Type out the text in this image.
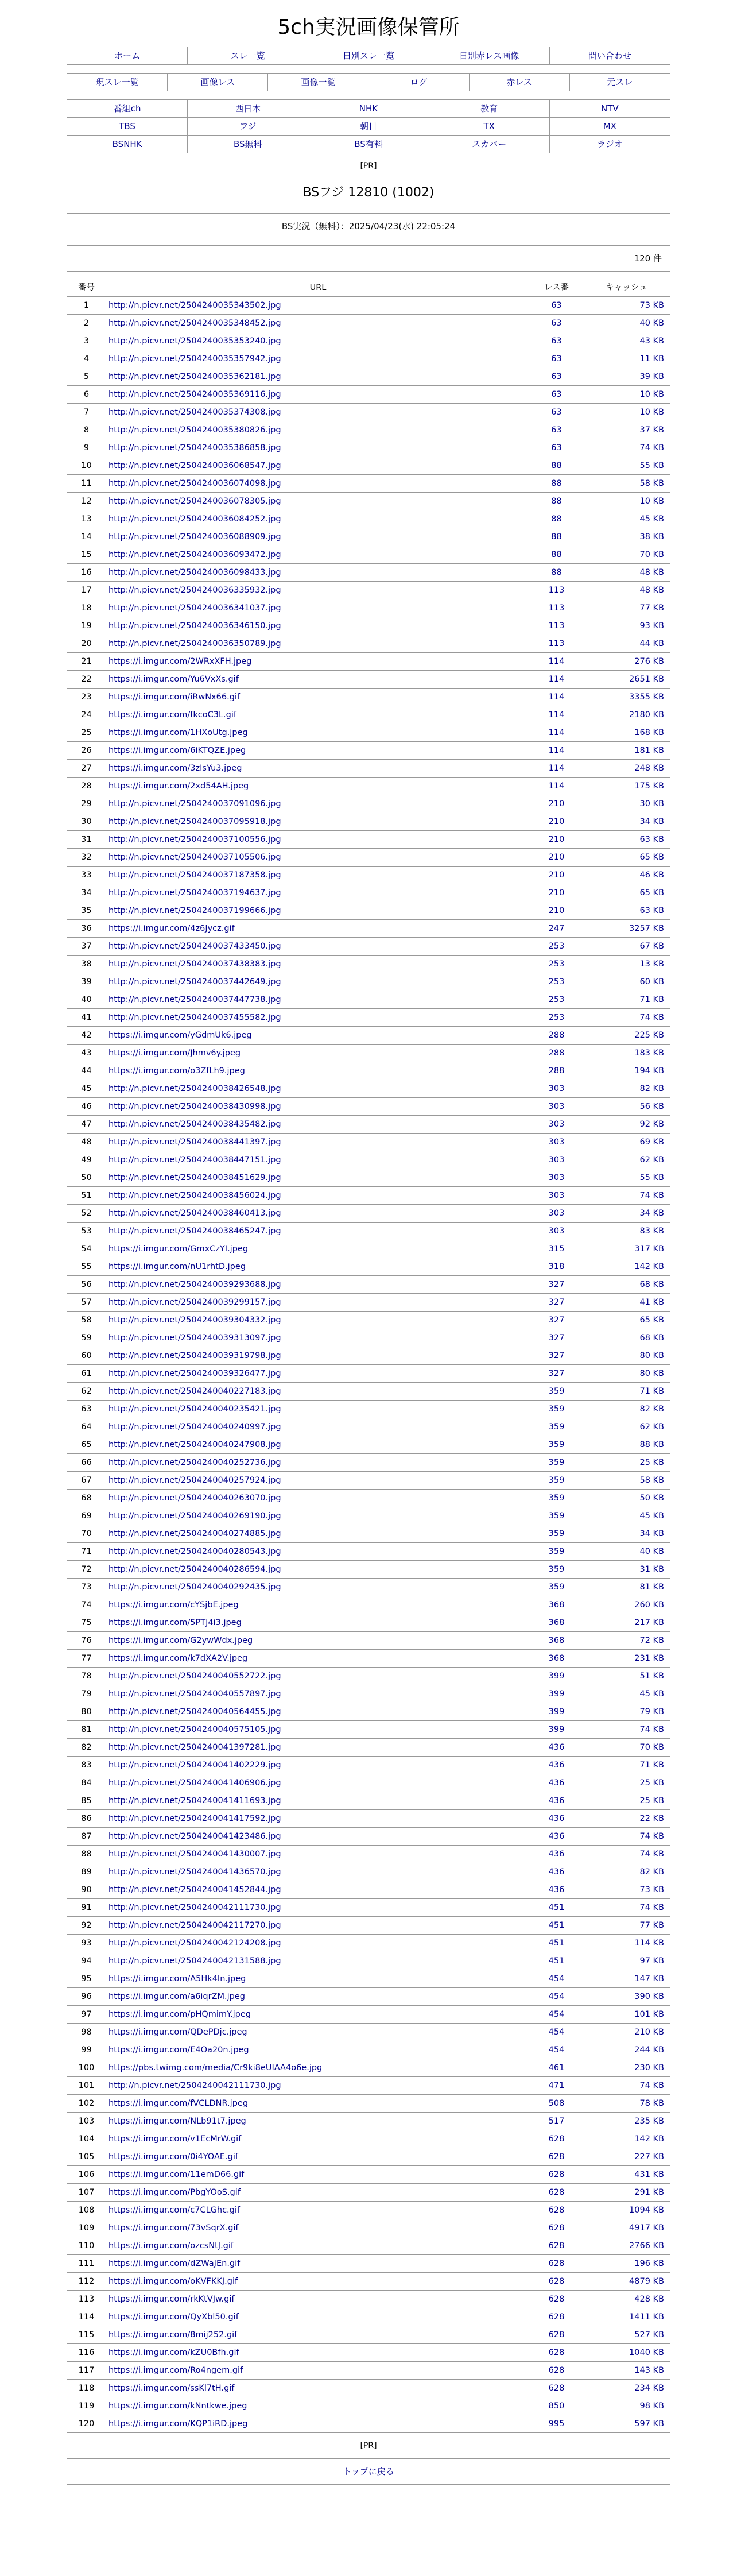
5ch実況画像保管所
ホーム	スレ一覧	日別スレ一覧	日別赤レス画像	問い合わせ
現スレ一覧	画像レス	画像一覧	ログ	赤レス	元スレ
番組ch	西日本	NHK	教育	NTV

TBS	フジ	朝日	TX	MX

BSNHK	BS無料	BS有料	スカパー	ラジオ
[PR]
BSフジ 12810 (1002)
BS実況（無料）：2025/04/23(水) 22:05:24
120 件
番号	URL	レス番	キャッシュ
1	http://n.picvr.net/2504240035343502.jpg	63	73 KB
2	http://n.picvr.net/2504240035348452.jpg	63	40 KB
3	http://n.picvr.net/2504240035353240.jpg	63	43 KB
4	http://n.picvr.net/2504240035357942.jpg	63	11 KB
5	http://n.picvr.net/2504240035362181.jpg	63	39 KB
6	http://n.picvr.net/2504240035369116.jpg	63	10 KB
7	http://n.picvr.net/2504240035374308.jpg	63	10 KB
8	http://n.picvr.net/2504240035380826.jpg	63	37 KB
9	http://n.picvr.net/2504240035386858.jpg	63	74 KB
10	http://n.picvr.net/2504240036068547.jpg	88	55 KB
11	http://n.picvr.net/2504240036074098.jpg	88	58 KB
12	http://n.picvr.net/2504240036078305.jpg	88	10 KB
13	http://n.picvr.net/2504240036084252.jpg	88	45 KB
14	http://n.picvr.net/2504240036088909.jpg	88	38 KB
15	http://n.picvr.net/2504240036093472.jpg	88	70 KB
16	http://n.picvr.net/2504240036098433.jpg	88	48 KB
17	http://n.picvr.net/2504240036335932.jpg	113	48 KB
18	http://n.picvr.net/2504240036341037.jpg	113	77 KB
19	http://n.picvr.net/2504240036346150.jpg	113	93 KB
20	http://n.picvr.net/2504240036350789.jpg	113	44 KB
21	https://i.imgur.com/2WRxXFH.jpeg	114	276 KB
22	https://i.imgur.com/Yu6VxXs.gif	114	2651 KB
23	https://i.imgur.com/iRwNx66.gif	114	3355 KB
24	https://i.imgur.com/fkcoC3L.gif	114	2180 KB
25	https://i.imgur.com/1HXoUtg.jpeg	114	168 KB
26	https://i.imgur.com/6iKTQZE.jpeg	114	181 KB
27	https://i.imgur.com/3zIsYu3.jpeg	114	248 KB
28	https://i.imgur.com/2xd54AH.jpeg	114	175 KB
29	http://n.picvr.net/2504240037091096.jpg	210	30 KB
30	http://n.picvr.net/2504240037095918.jpg	210	34 KB
31	http://n.picvr.net/2504240037100556.jpg	210	63 KB
32	http://n.picvr.net/2504240037105506.jpg	210	65 KB
33	http://n.picvr.net/2504240037187358.jpg	210	46 KB
34	http://n.picvr.net/2504240037194637.jpg	210	65 KB
35	http://n.picvr.net/2504240037199666.jpg	210	63 KB
36	https://i.imgur.com/4z6Jycz.gif	247	3257 KB
37	http://n.picvr.net/2504240037433450.jpg	253	67 KB
38	http://n.picvr.net/2504240037438383.jpg	253	13 KB
39	http://n.picvr.net/2504240037442649.jpg	253	60 KB
40	http://n.picvr.net/2504240037447738.jpg	253	71 KB
41	http://n.picvr.net/2504240037455582.jpg	253	74 KB
42	https://i.imgur.com/yGdmUk6.jpeg	288	225 KB
43	https://i.imgur.com/Jhmv6y.jpeg	288	183 KB
44	https://i.imgur.com/o3ZfLh9.jpeg	288	194 KB
45	http://n.picvr.net/2504240038426548.jpg	303	82 KB
46	http://n.picvr.net/2504240038430998.jpg	303	56 KB
47	http://n.picvr.net/2504240038435482.jpg	303	92 KB
48	http://n.picvr.net/2504240038441397.jpg	303	69 KB
49	http://n.picvr.net/2504240038447151.jpg	303	62 KB
50	http://n.picvr.net/2504240038451629.jpg	303	55 KB
51	http://n.picvr.net/2504240038456024.jpg	303	74 KB
52	http://n.picvr.net/2504240038460413.jpg	303	34 KB
53	http://n.picvr.net/2504240038465247.jpg	303	83 KB
54	https://i.imgur.com/GmxCzYI.jpeg	315	317 KB
55	https://i.imgur.com/nU1rhtD.jpeg	318	142 KB
56	http://n.picvr.net/2504240039293688.jpg	327	68 KB
57	http://n.picvr.net/2504240039299157.jpg	327	41 KB
58	http://n.picvr.net/2504240039304332.jpg	327	65 KB
59	http://n.picvr.net/2504240039313097.jpg	327	68 KB
60	http://n.picvr.net/2504240039319798.jpg	327	80 KB
61	http://n.picvr.net/2504240039326477.jpg	327	80 KB
62	http://n.picvr.net/2504240040227183.jpg	359	71 KB
63	http://n.picvr.net/2504240040235421.jpg	359	82 KB
64	http://n.picvr.net/2504240040240997.jpg	359	62 KB
65	http://n.picvr.net/2504240040247908.jpg	359	88 KB
66	http://n.picvr.net/2504240040252736.jpg	359	25 KB
67	http://n.picvr.net/2504240040257924.jpg	359	58 KB
68	http://n.picvr.net/2504240040263070.jpg	359	50 KB
69	http://n.picvr.net/2504240040269190.jpg	359	45 KB
70	http://n.picvr.net/2504240040274885.jpg	359	34 KB
71	http://n.picvr.net/2504240040280543.jpg	359	40 KB
72	http://n.picvr.net/2504240040286594.jpg	359	31 KB
73	http://n.picvr.net/2504240040292435.jpg	359	81 KB
74	https://i.imgur.com/cYSjbE.jpeg	368	260 KB
75	https://i.imgur.com/5PTJ4i3.jpeg	368	217 KB
76	https://i.imgur.com/G2ywWdx.jpeg	368	72 KB
77	https://i.imgur.com/k7dXA2V.jpeg	368	231 KB
78	http://n.picvr.net/2504240040552722.jpg	399	51 KB
79	http://n.picvr.net/2504240040557897.jpg	399	45 KB
80	http://n.picvr.net/2504240040564455.jpg	399	79 KB
81	http://n.picvr.net/2504240040575105.jpg	399	74 KB
82	http://n.picvr.net/2504240041397281.jpg	436	70 KB
83	http://n.picvr.net/2504240041402229.jpg	436	71 KB
84	http://n.picvr.net/2504240041406906.jpg	436	25 KB
85	http://n.picvr.net/2504240041411693.jpg	436	25 KB
86	http://n.picvr.net/2504240041417592.jpg	436	22 KB
87	http://n.picvr.net/2504240041423486.jpg	436	74 KB
88	http://n.picvr.net/2504240041430007.jpg	436	74 KB
89	http://n.picvr.net/2504240041436570.jpg	436	82 KB
90	http://n.picvr.net/2504240041452844.jpg	436	73 KB
91	http://n.picvr.net/2504240042111730.jpg	451	74 KB
92	http://n.picvr.net/2504240042117270.jpg	451	77 KB
93	http://n.picvr.net/2504240042124208.jpg	451	114 KB
94	http://n.picvr.net/2504240042131588.jpg	451	97 KB
95	https://i.imgur.com/A5Hk4In.jpeg	454	147 KB
96	https://i.imgur.com/a6iqrZM.jpeg	454	390 KB
97	https://i.imgur.com/pHQmimY.jpeg	454	101 KB
98	https://i.imgur.com/QDePDjc.jpeg	454	210 KB
99	https://i.imgur.com/E4Oa20n.jpeg	454	244 KB
100	https://pbs.twimg.com/media/Cr9ki8eUIAA4o6e.jpg	461	230 KB
101	http://n.picvr.net/2504240042111730.jpg	471	74 KB
102	https://i.imgur.com/fVCLDNR.jpeg	508	78 KB
103	https://i.imgur.com/NLb91t7.jpeg	517	235 KB
104	https://i.imgur.com/v1EcMrW.gif	628	142 KB
105	https://i.imgur.com/0i4YOAE.gif	628	227 KB
106	https://i.imgur.com/11emD66.gif	628	431 KB
107	https://i.imgur.com/PbgYOoS.gif	628	291 KB
108	https://i.imgur.com/c7CLGhc.gif	628	1094 KB
109	https://i.imgur.com/73vSqrX.gif	628	4917 KB
110	https://i.imgur.com/ozcsNtJ.gif	628	2766 KB
111	https://i.imgur.com/dZWaJEn.gif	628	196 KB
112	https://i.imgur.com/oKVFKKJ.gif	628	4879 KB
113	https://i.imgur.com/rkKtVJw.gif	628	428 KB
114	https://i.imgur.com/QyXbl50.gif	628	1411 KB
115	https://i.imgur.com/8mij252.gif	628	527 KB
116	https://i.imgur.com/kZU0Bfh.gif	628	1040 KB
117	https://i.imgur.com/Ro4ngem.gif	628	143 KB
118	https://i.imgur.com/ssKl7tH.gif	628	234 KB
119	https://i.imgur.com/kNntkwe.jpeg	850	98 KB
120	https://i.imgur.com/KQP1iRD.jpeg	995	597 KB
[PR]
トップに戻る
